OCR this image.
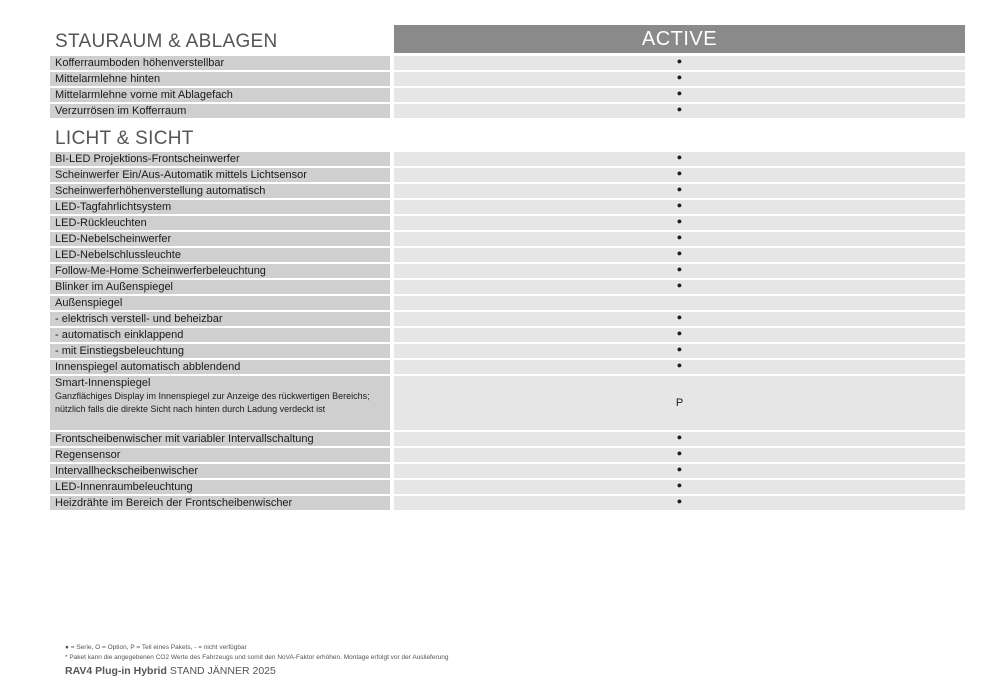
ACTIVE
STAURAUM & ABLAGEN
Kofferraumboden höhenverstellbar	●
Mittelarmlehne hinten	●
Mittelarmlehne vorne mit Ablagefach	●
Verzurrösen im Kofferraum	●
LICHT & SICHT
BI-LED Projektions-Frontscheinwerfer	●
Scheinwerfer Ein/Aus-Automatik mittels Lichtsensor	●
Scheinwerferhöhenverstellung automatisch	●
LED-Tagfahrlichtsystem	●
LED-Rückleuchten	●
LED-Nebelscheinwerfer	●
LED-Nebelschlussleuchte	●
Follow-Me-Home Scheinwerferbeleuchtung	●
Blinker im Außenspiegel	●
Außenspiegel
- elektrisch verstell- und beheizbar	●
- automatisch einklappend	●
- mit Einstiegsbeleuchtung	●
Innenspiegel automatisch abblendend	●
Smart-Innenspiegel
Ganzflächiges Display im Innenspiegel zur Anzeige des rückwertigen Bereichs; nützlich falls die direkte Sicht nach hinten durch Ladung verdeckt ist	P
Frontscheibenwischer mit variabler Intervallschaltung	●
Regensensor	●
Intervallheckscheibenwischer	●
LED-Innenraumbeleuchtung	●
Heizdrähte im Bereich der Frontscheibenwischer	●
● = Serie, O = Option, P = Teil eines Pakets, - = nicht verfügbar
* Paket kann die angegebenen CO2 Werte des Fahrzeugs und somit den NoVA-Faktor erhöhen. Montage erfolgt vor der Auslieferung
RAV4 Plug-in Hybrid STAND JÄNNER 2025
